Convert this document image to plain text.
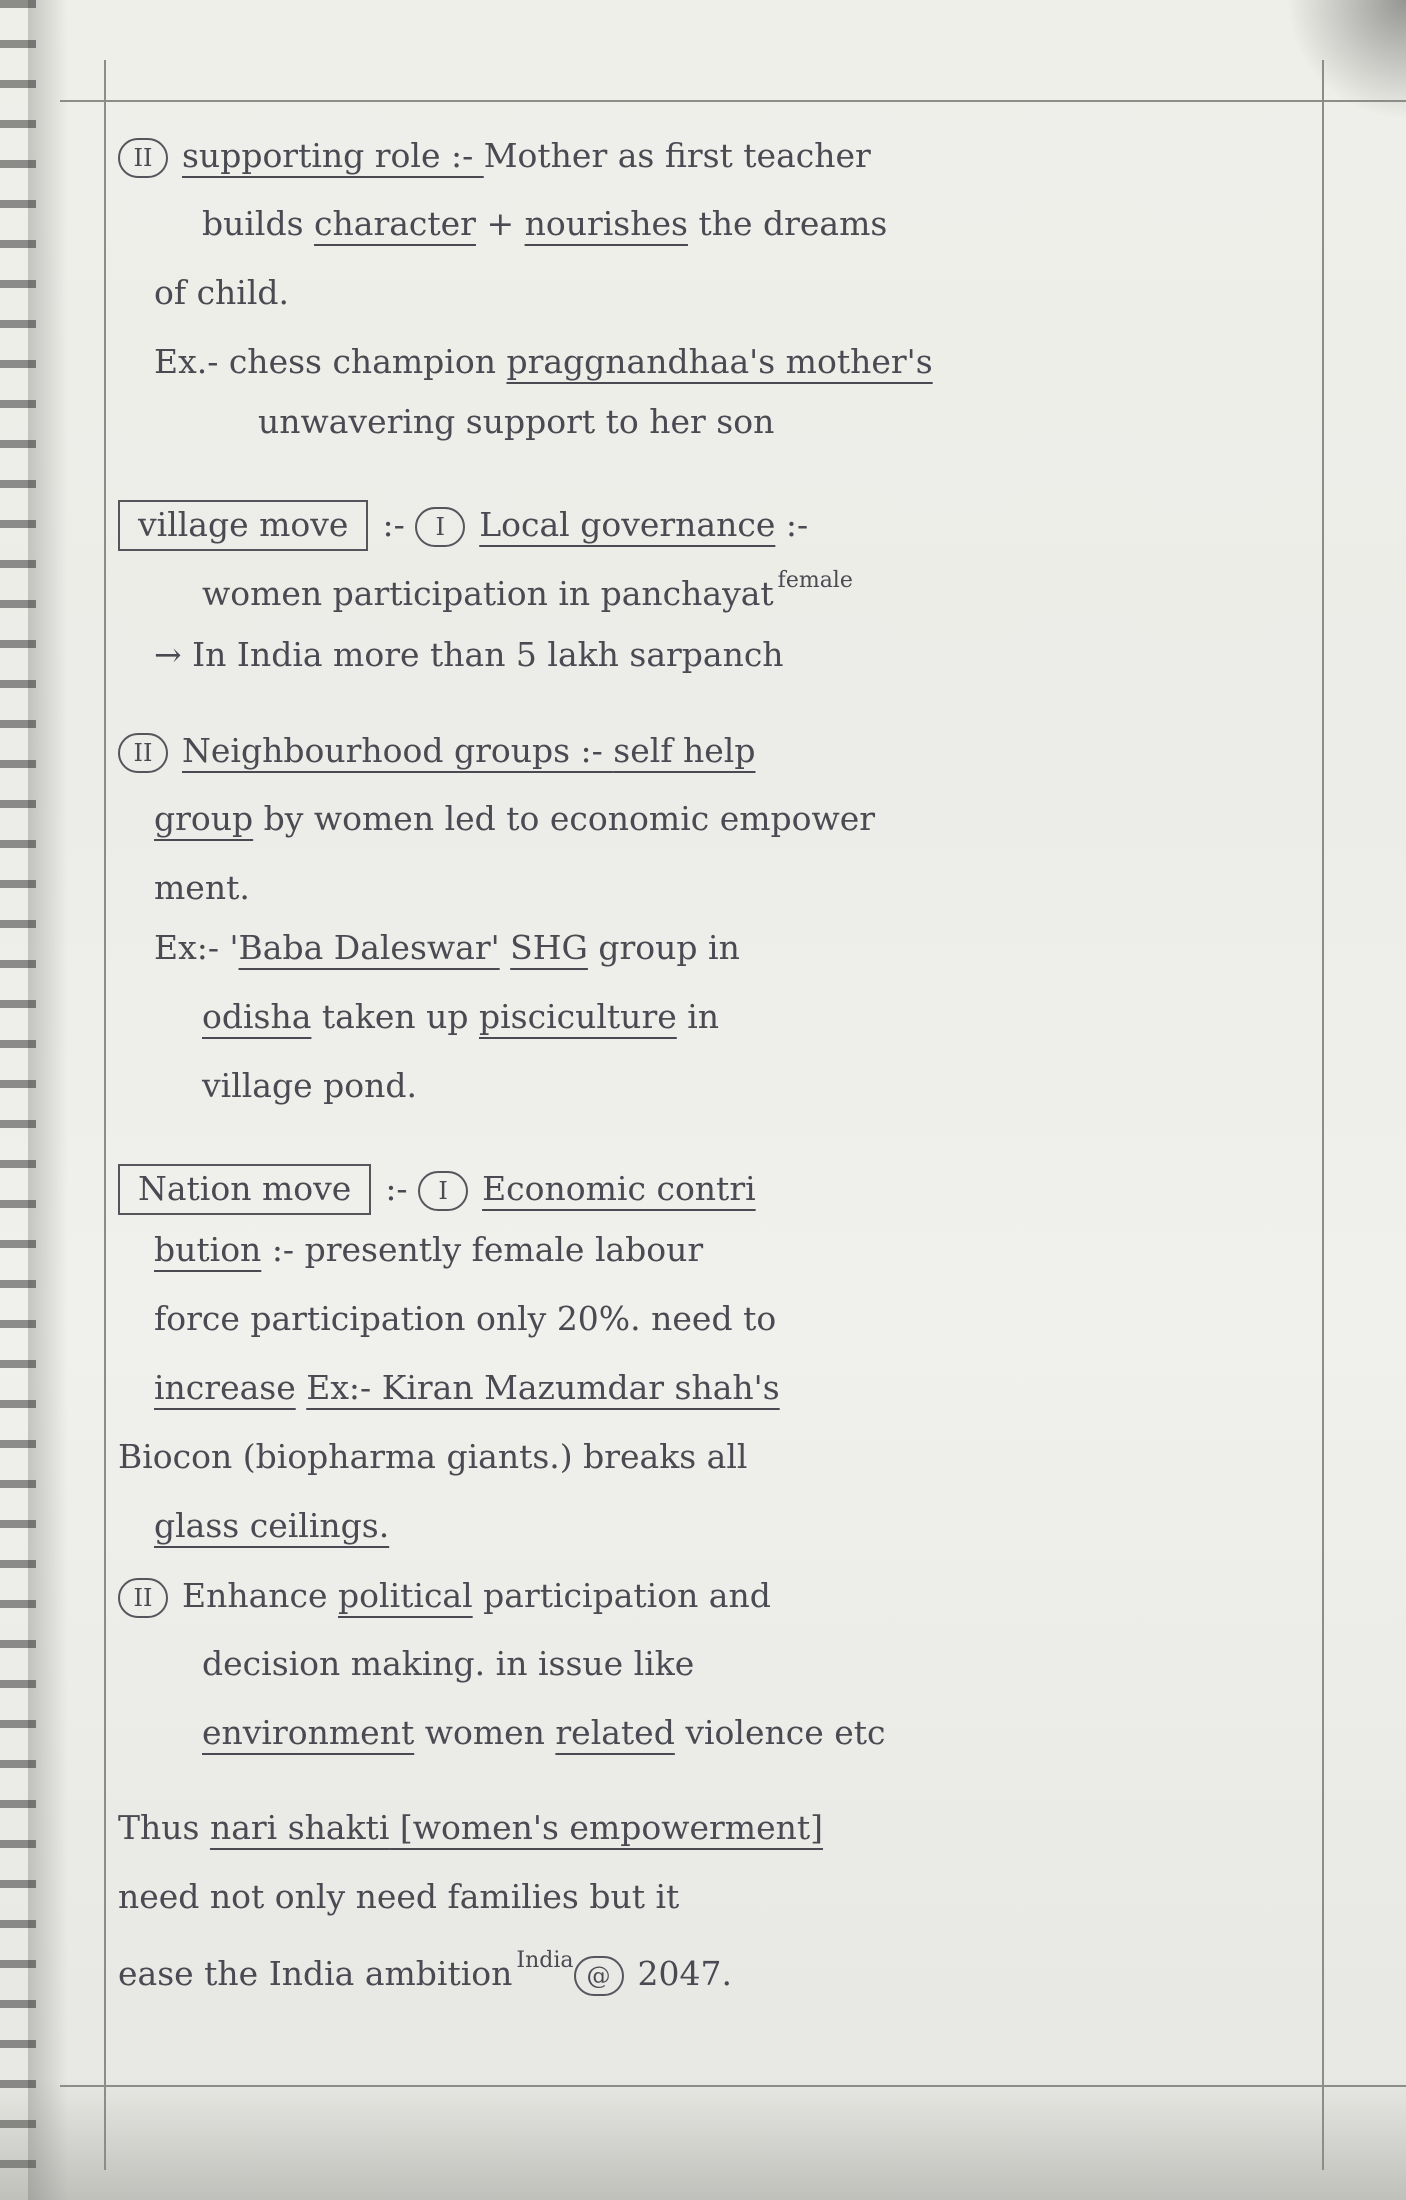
II supporting role :- Mother as first teacher
builds character + nourishes the dreams
of child.
Ex.- chess champion praggnandhaa's mother's
unwavering support to her son
village move :- I Local governance :-
women participation in panchayat $^{female}$
→ In India more than 5 lakh sarpanch
II Neighbourhood groups :- self help
group by women led to economic empower
ment.
Ex:- 'Baba Daleswar' SHG group in
odisha taken up pisciculture in
village pond.
Nation move :- I Economic contri
bution :- presently female labour
force participation only 20%. need to
increase Ex:- Kiran Mazumdar shah's
Biocon (biopharma giants.) breaks all
glass ceilings.
II Enhance political participation and
decision making. in issue like
environment women related violence etc
Thus nari shakti [women's empowerment]
need not only need families but it
ease the India ambition $^{India}$@ 2047.
